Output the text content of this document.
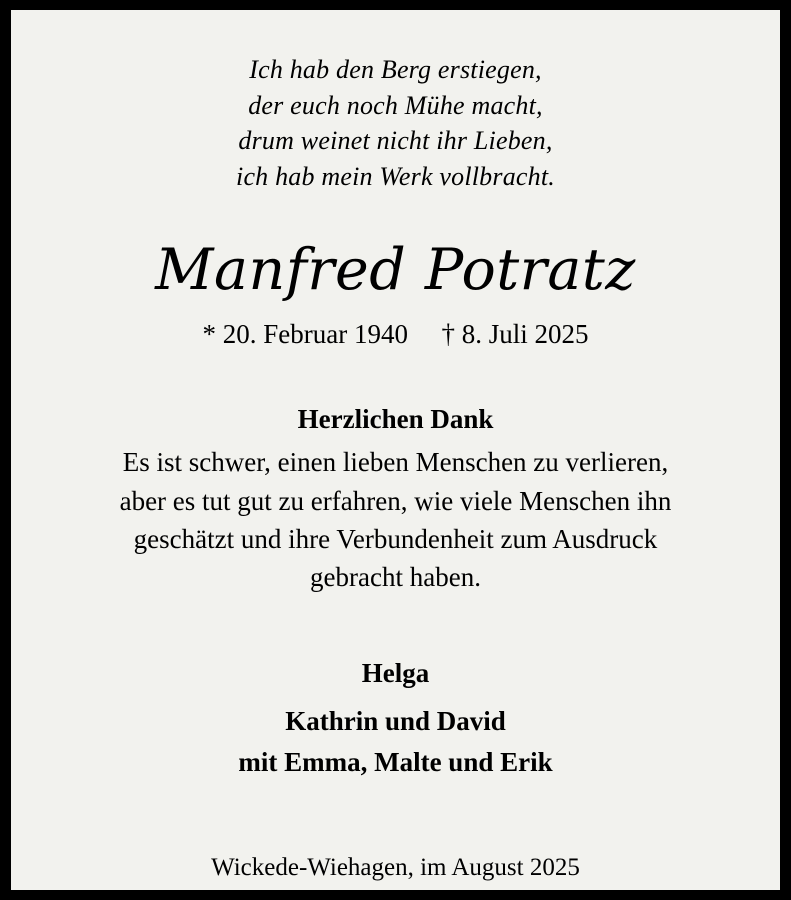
Ich hab den Berg erstiegen,
der euch noch Mühe macht,
drum weinet nicht ihr Lieben,
ich hab mein Werk vollbracht.
Manfred Potratz
* 20. Februar 1940 † 8. Juli 2025
Herzlichen Dank
Es ist schwer, einen lieben Menschen zu verlieren,
aber es tut gut zu erfahren, wie viele Menschen ihn
geschätzt und ihre Verbundenheit zum Ausdruck
gebracht haben.
Helga
Kathrin und David
mit Emma, Malte und Erik
Wickede-Wiehagen, im August 2025
